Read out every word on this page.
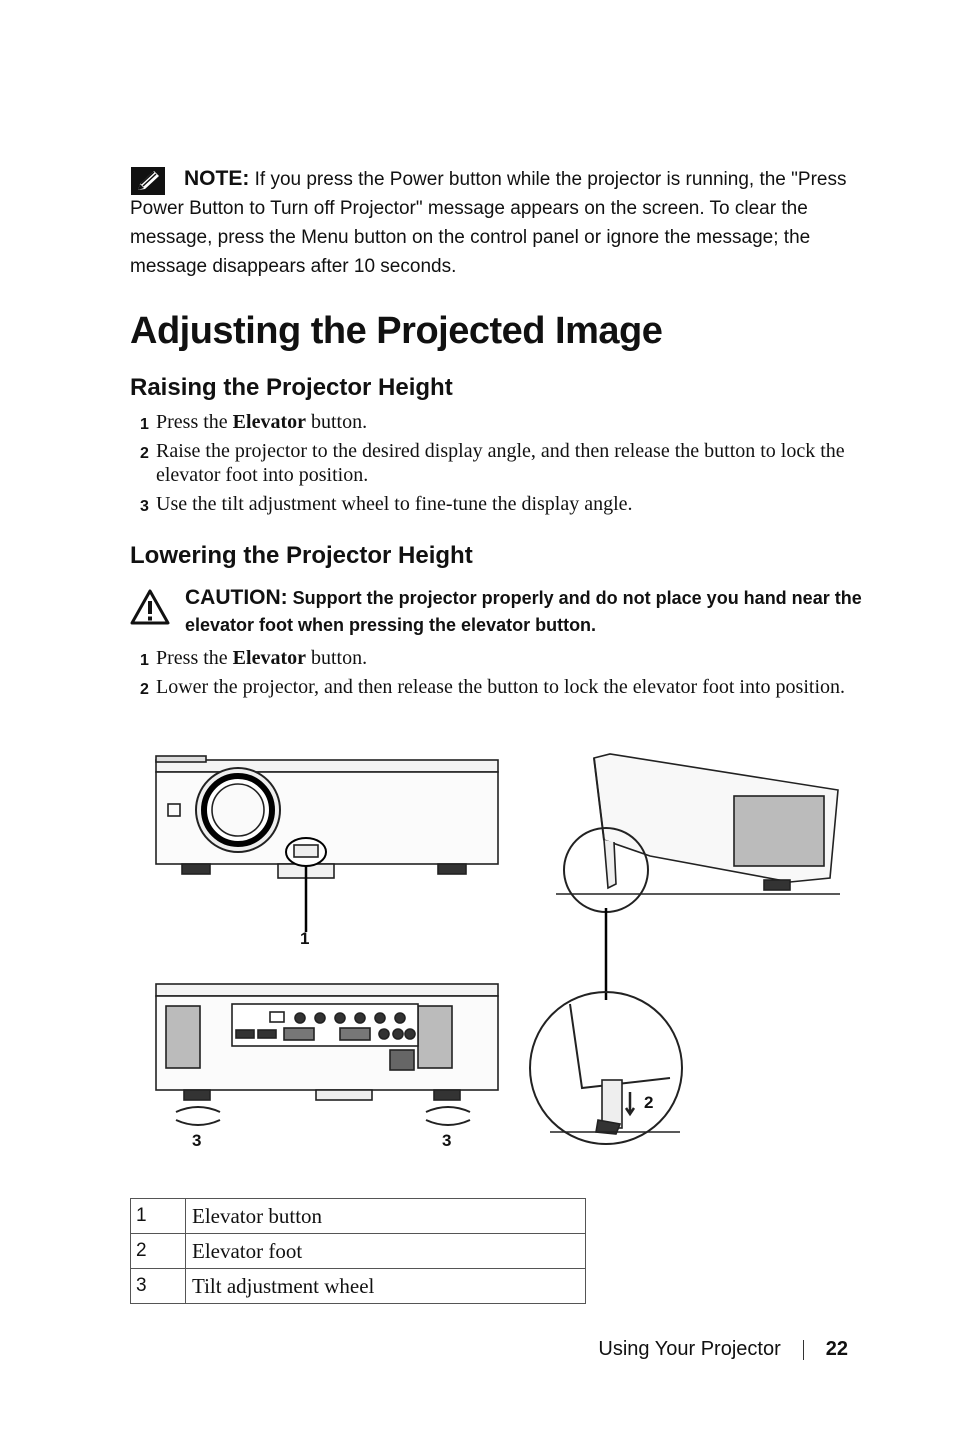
NOTE: If you press the Power button while the projector is running, the "Press Power Button to Turn off Projector" message appears on the screen. To clear the message, press the Menu button on the control panel or ignore the message; the message disappears after 10 seconds.

Adjusting the Projected Image
Raising the Projector Height
1 Press the Elevator button.
2 Raise the projector to the desired display angle, and then release the button to lock the elevator foot into position.
3 Use the tilt adjustment wheel to fine-tune the display angle.
Lowering the Projector Height

CAUTION: Support the projector properly and do not place you hand near the elevator foot when pressing the elevator button.

1 Press the Elevator button.
2 Lower the projector, and then release the button to lock the elevator foot into position.
1
2
3	3
1	Elevator button
2	Elevator foot
3	Tilt adjustment wheel
Using Your Projector 22
